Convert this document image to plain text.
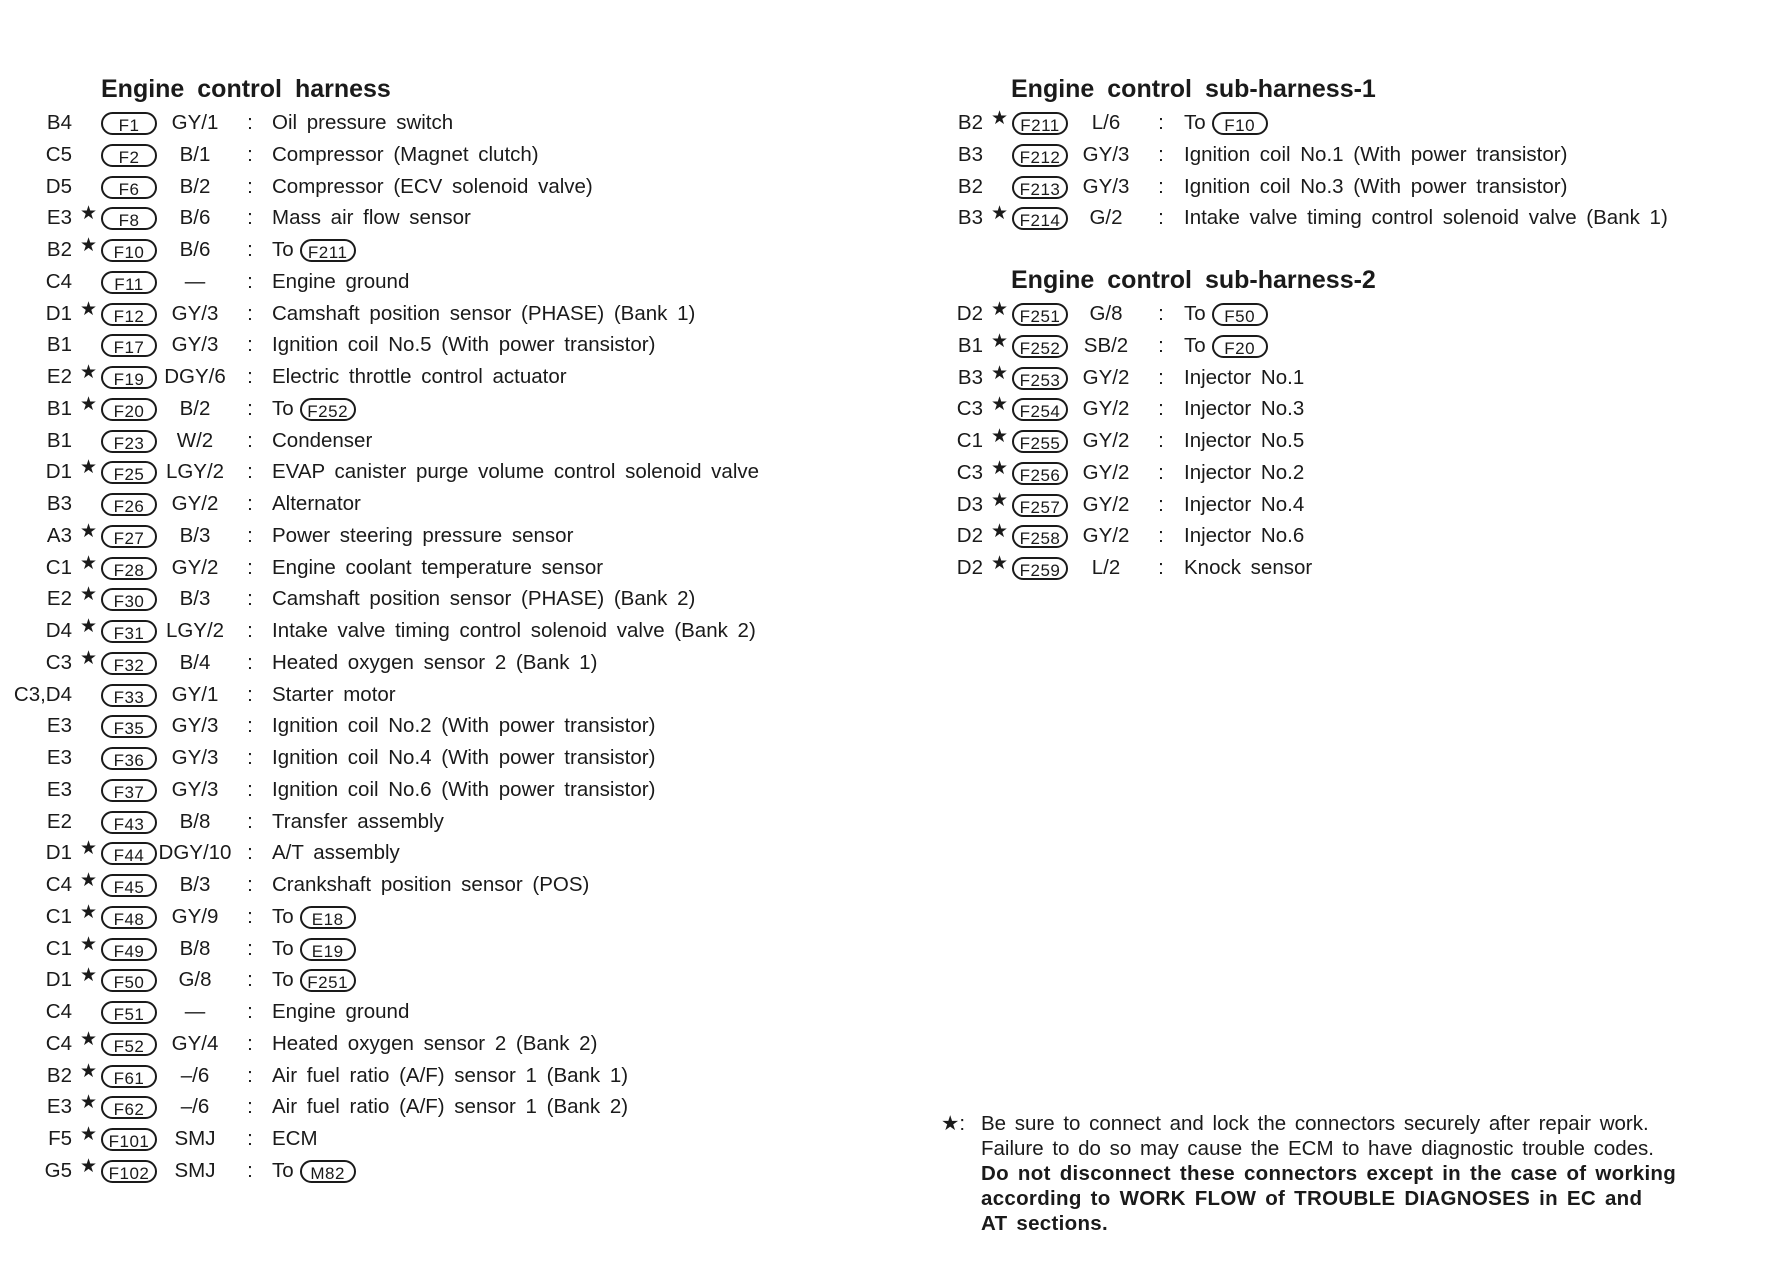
Engine control harness
B4	F1	GY/1	: Oil pressure switch
C5	F2	B/1	: Compressor (Magnet clutch)
D5	F6	B/2	: Compressor (ECV solenoid valve)
E3 ★	F8	B/6	: Mass air flow sensor
B2 ★ F10	B/6	: To F211
C4	F11	—	: Engine ground
D1 ★ F12	GY/3	: Camshaft position sensor (PHASE) (Bank 1)
B1	F17	GY/3	: Ignition coil No.5 (With power transistor)
E2 ★ F19 DGY/6	: Electric throttle control actuator
B1 ★ F20	B/2	: To F252
B1	F23	W/2	: Condenser
D1 ★ F25	LGY/2	: EVAP canister purge volume control solenoid valve
B3	F26	GY/2	: Alternator
A3 ★ F27	B/3	: Power steering pressure sensor
C1 ★ F28	GY/2	: Engine coolant temperature sensor
E2 ★ F30	B/3	: Camshaft position sensor (PHASE) (Bank 2)
D4 ★ F31	LGY/2	: Intake valve timing control solenoid valve (Bank 2)
C3 ★ F32	B/4	: Heated oxygen sensor 2 (Bank 1)
C3,D4	F33	GY/1	: Starter motor
E3	F35	GY/3	: Ignition coil No.2 (With power transistor)
E3	F36	GY/3	: Ignition coil No.4 (With power transistor)
E3	F37	GY/3	: Ignition coil No.6 (With power transistor)
E2	F43	B/8	: Transfer assembly
D1 ★ F44 DGY/10 : A/T assembly
C4 ★ F45	B/3	: Crankshaft position sensor (POS)
C1 ★ F48	GY/9	: To E18
C1 ★ F49	B/8	: To E19
D1 ★ F50	G/8	: To F251
C4	F51	—	: Engine ground
C4 ★ F52	GY/4	: Heated oxygen sensor 2 (Bank 2)
B2 ★ F61	–/6	: Air fuel ratio (A/F) sensor 1 (Bank 1)
E3 ★ F62	–/6	: Air fuel ratio (A/F) sensor 1 (Bank 2)
F5 ★ F101	SMJ	: ECM
G5 ★ F102	SMJ	: To M82
Engine control sub-harness-1
B2 ★ F211	L/6	: To F10
B3	F212	GY/3	: Ignition coil No.1 (With power transistor)
B2	F213	GY/3	: Ignition coil No.3 (With power transistor)
B3 ★ F214	G/2	: Intake valve timing control solenoid valve (Bank 1)
Engine control sub-harness-2
D2 ★ F251	G/8	: To F50
B1 ★ F252	SB/2	: To F20
B3 ★ F253	GY/2	: Injector No.1
C3 ★ F254	GY/2	: Injector No.3
C1 ★ F255	GY/2	: Injector No.5
C3 ★ F256	GY/2	: Injector No.2
D3 ★ F257	GY/2	: Injector No.4
D2 ★ F258	GY/2	: Injector No.6
D2 ★ F259	L/2	: Knock sensor
★: Be sure to connect and lock the connectors securely after repair work.
Failure to do so may cause the ECM to have diagnostic trouble codes.
Do not disconnect these connectors except in the case of working
according to WORK FLOW of TROUBLE DIAGNOSES in EC and
AT sections.
